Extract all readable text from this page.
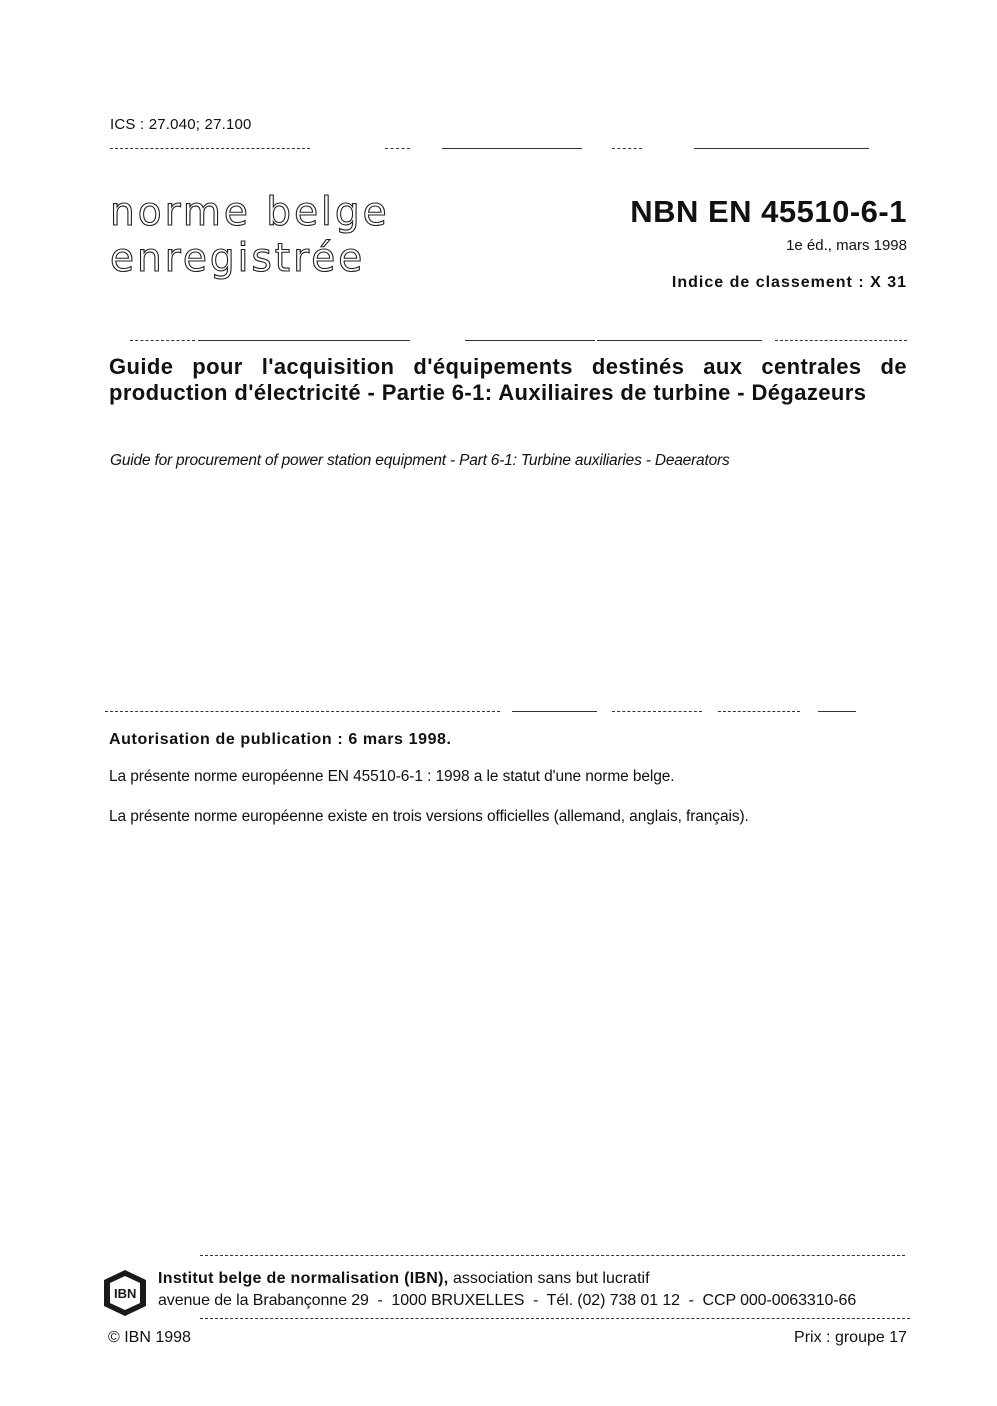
ICS : 27.040; 27.100
norme belge
enregistrée
NBN EN 45510-6-1
1e éd., mars 1998
Indice de classement : X 31
Guide pour l'acquisition d'équipements destinés aux centrales de production d'électricité - Partie 6-1: Auxiliaires de turbine - Dégazeurs
Guide for procurement of power station equipment - Part 6-1: Turbine auxiliaries - Deaerators
Autorisation de publication : 6 mars 1998.
La présente norme européenne EN 45510-6-1 : 1998 a le statut d'une norme belge.
La présente norme européenne existe en trois versions officielles (allemand, anglais, français).
IBN
Institut belge de normalisation (IBN), association sans but lucratif
avenue de la Brabançonne 29  -  1000 BRUXELLES  -  Tél. (02) 738 01 12  -  CCP 000-0063310-66
© IBN 1998	Prix : groupe 17
